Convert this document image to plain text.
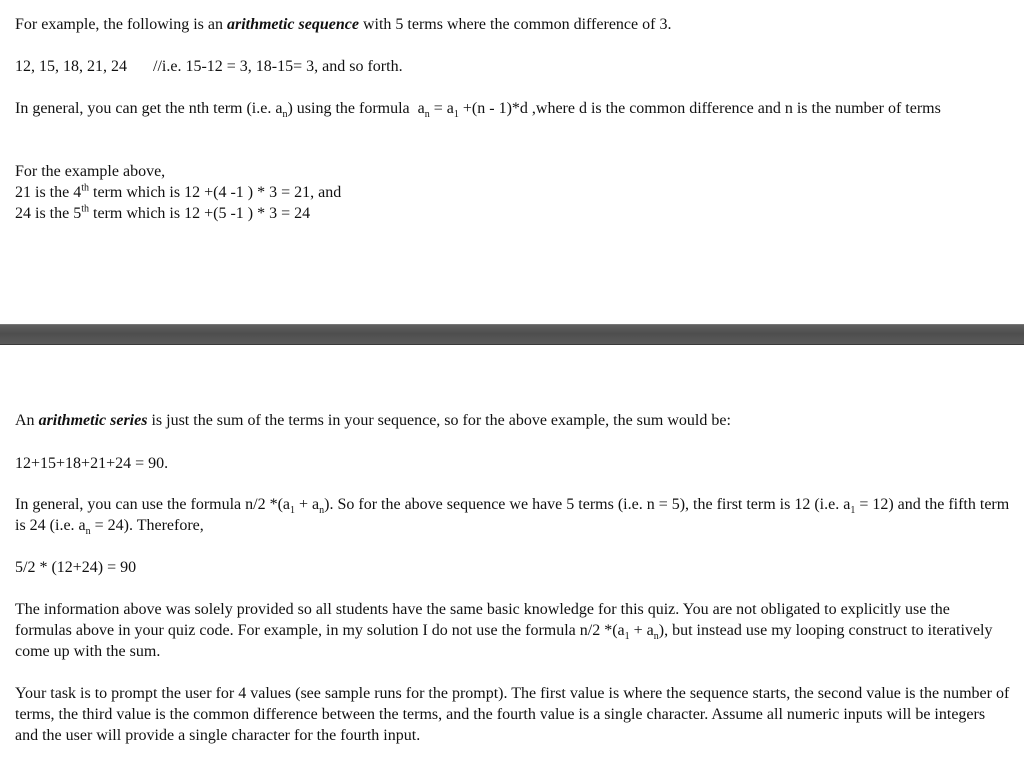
For example, the following is an arithmetic sequence with 5 terms where the common difference of 3.
12, 15, 18, 21, 24 //i.e. 15-12 = 3, 18-15= 3, and so forth.
In general, you can get the nth term (i.e. $a_n$) using the formula $a_n = a_1 +(n - 1)*d$ ,where d is the common difference and n is the number of terms
For the example above,
21 is the 4th term which is 12 +(4 -1 ) * 3 = 21, and
24 is the 5th term which is 12 +(5 -1 ) * 3 = 24
An arithmetic series is just the sum of the terms in your sequence, so for the above example, the sum would be:
12+15+18+21+24 = 90.
In general, you can use the formula n/2 $*(a_1 + a_n)$. So for the above sequence we have 5 terms (i.e. n = 5), the first term is 12 (i.e. $a_1 = 12$) and the fifth term is 24 (i.e. $a_n = 24$). Therefore,
5/2 * (12+24) = 90
The information above was solely provided so all students have the same basic knowledge for this quiz. You are not obligated to explicitly use the formulas above in your quiz code. For example, in my solution I do not use the formula n/2 $*(a_1 + a_n)$, but instead use my looping construct to iteratively come up with the sum.
Your task is to prompt the user for 4 values (see sample runs for the prompt). The first value is where the sequence starts, the second value is the number of terms, the third value is the common difference between the terms, and the fourth value is a single character. Assume all numeric inputs will be integers and the user will provide a single character for the fourth input.
